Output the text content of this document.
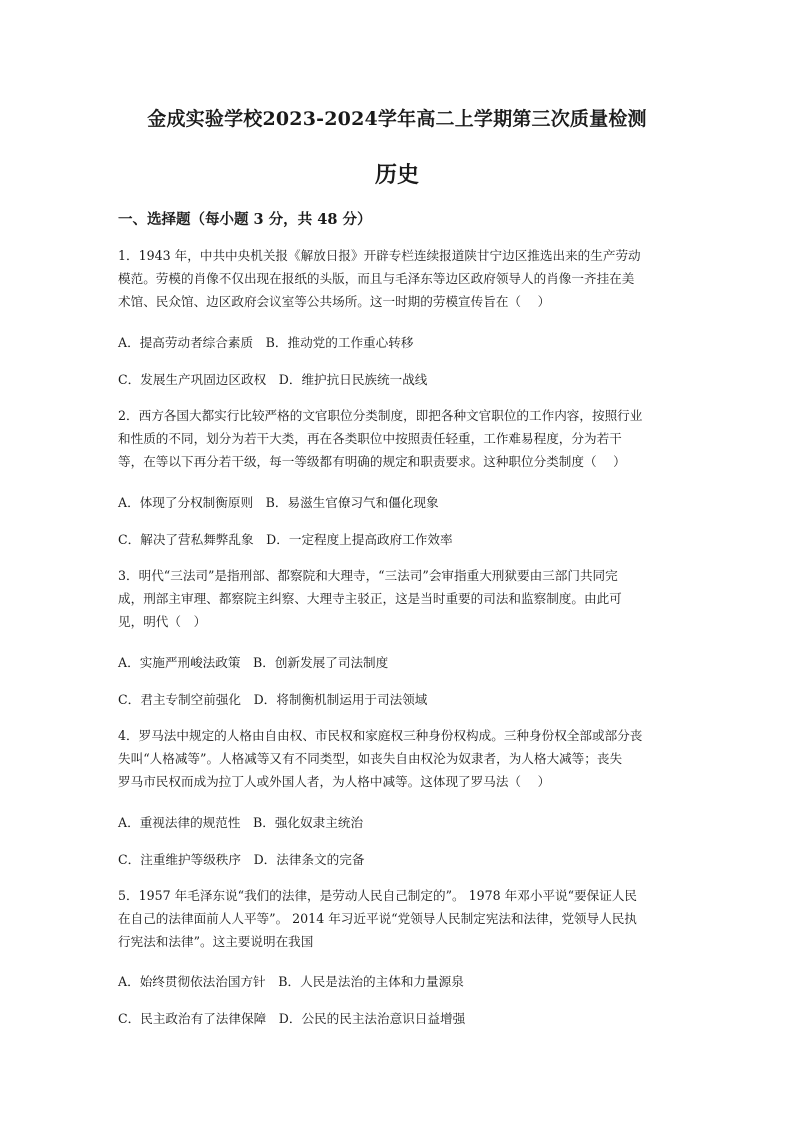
金成实验学校2023-2024学年高二上学期第三次质量检测
历史
一、选择题（每小题 3 分，共 48 分）
1．1943 年，中共中央机关报《解放日报》开辟专栏连续报道陕甘宁边区推选出来的生产劳动
模范。劳模的肖像不仅出现在报纸的头版，而且与毛泽东等边区政府领导人的肖像一齐挂在美
术馆、民众馆、边区政府会议室等公共场所。这一时期的劳模宣传旨在（　 ）
A．提高劳动者综合素质　B．推动党的工作重心转移
C．发展生产巩固边区政权　D．维护抗日民族统一战线
2．西方各国大都实行比较严格的文官职位分类制度，即把各种文官职位的工作内容，按照行业
和性质的不同，划分为若干大类，再在各类职位中按照责任轻重，工作难易程度，分为若干
等，在等以下再分若干级，每一等级都有明确的规定和职责要求。这种职位分类制度（　 ）
A．体现了分权制衡原则　B．易滋生官僚习气和僵化现象
C．解决了营私舞弊乱象　D．一定程度上提高政府工作效率
3．明代“三法司”是指刑部、都察院和大理寺，“三法司”会审指重大刑狱要由三部门共同完
成，刑部主审理、都察院主纠察、大理寺主驳正，这是当时重要的司法和监察制度。由此可
见，明代（　）
A．实施严刑峻法政策　B．创新发展了司法制度
C．君主专制空前强化　D．将制衡机制运用于司法领域
4．罗马法中规定的人格由自由权、市民权和家庭权三种身份权构成。三种身份权全部或部分丧
失叫“人格减等”。人格减等又有不同类型，如丧失自由权沦为奴隶者，为人格大减等；丧失
罗马市民权而成为拉丁人或外国人者，为人格中减等。这体现了罗马法（　 ）
A．重视法律的规范性　B．强化奴隶主统治
C．注重维护等级秩序　D．法律条文的完备
5．1957 年毛泽东说“我们的法律，是劳动人民自己制定的”。 1978 年邓小平说“要保证人民
在自己的法律面前人人平等”。 2014 年习近平说“党领导人民制定宪法和法律，党领导人民执
行宪法和法律”。这主要说明在我国
A．始终贯彻依法治国方针　B．人民是法治的主体和力量源泉
C．民主政治有了法律保障　D．公民的民主法治意识日益增强
